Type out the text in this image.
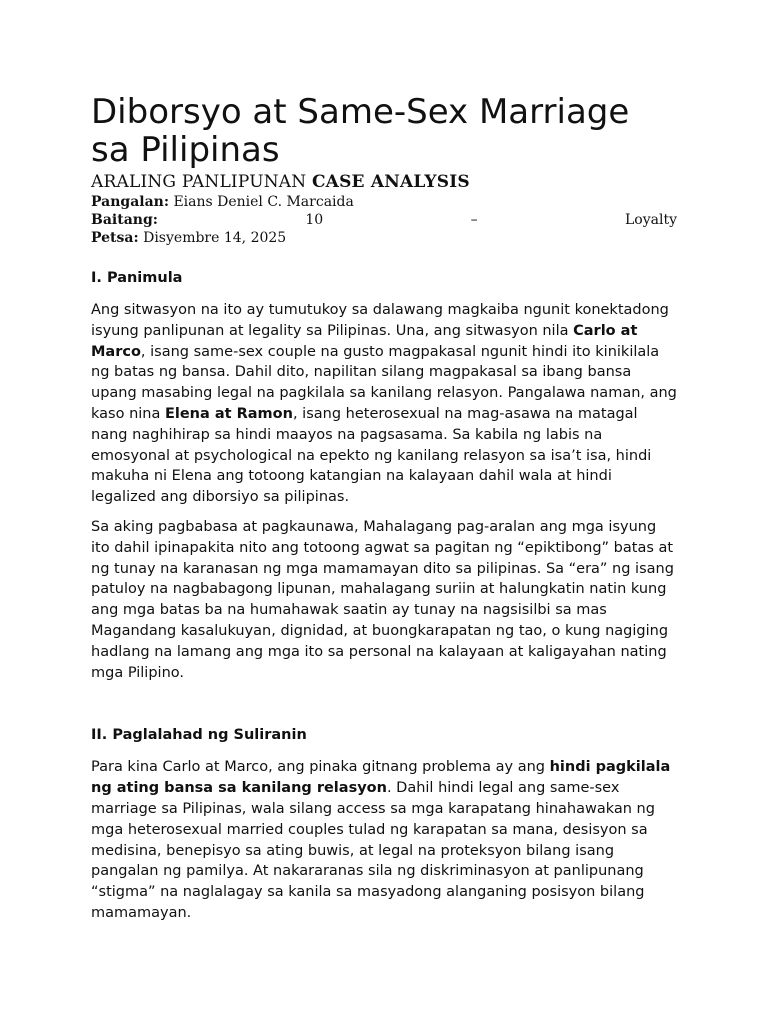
Diborsyo at Same-Sex Marriage
sa Pilipinas

ARALING PANLIPUNAN CASE ANALYSIS

Pangalan: Eians Deniel C. Marcaida

Baitang:	10	–	Loyalty

Petsa: Disyembre 14, 2025

I. Panimula

Ang sitwasyon na ito ay tumutukoy sa dalawang magkaiba ngunit konektadong isyung panlipunan at legality sa Pilipinas. Una, ang sitwasyon nila Carlo at Marco, isang same-sex couple na gusto magpakasal ngunit hindi ito kinikilala ng batas ng bansa. Dahil dito, napilitan silang magpakasal sa ibang bansa upang masabing legal na pagkilala sa kanilang relasyon. Pangalawa naman, ang kaso nina Elena at Ramon, isang heterosexual na mag-asawa na matagal nang naghihirap sa hindi maayos na pagsasama. Sa kabila ng labis na emosyonal at psychological na epekto ng kanilang relasyon sa isa’t isa, hindi makuha ni Elena ang totoong katangian na kalayaan dahil wala at hindi legalized ang diborsiyo sa pilipinas.

Sa aking pagbabasa at pagkaunawa, Mahalagang pag-aralan ang mga isyung ito dahil ipinapakita nito ang totoong agwat sa pagitan ng “epiktibong” batas at ng tunay na karanasan ng mga mamamayan dito sa pilipinas. Sa “era” ng isang patuloy na nagbabagong lipunan, mahalagang suriin at halungkatin natin kung ang mga batas ba na humahawak saatin ay tunay na nagsisilbi sa mas Magandang kasalukuyan, dignidad, at buongkarapatan ng tao, o kung nagiging hadlang na lamang ang mga ito sa personal na kalayaan at kaligayahan nating mga Pilipino.

II. Paglalahad ng Suliranin

Para kina Carlo at Marco, ang pinaka gitnang problema ay ang hindi pagkilala ng ating bansa sa kanilang relasyon. Dahil hindi legal ang same-sex marriage sa Pilipinas, wala silang access sa mga karapatang hinahawakan ng mga heterosexual married couples tulad ng karapatan sa mana, desisyon sa medisina, benepisyo sa ating buwis, at legal na proteksyon bilang isang pangalan ng pamilya. At nakararanas sila ng diskriminasyon at panlipunang “stigma” na naglalagay sa kanila sa masyadong alanganing posisyon bilang mamamayan.
